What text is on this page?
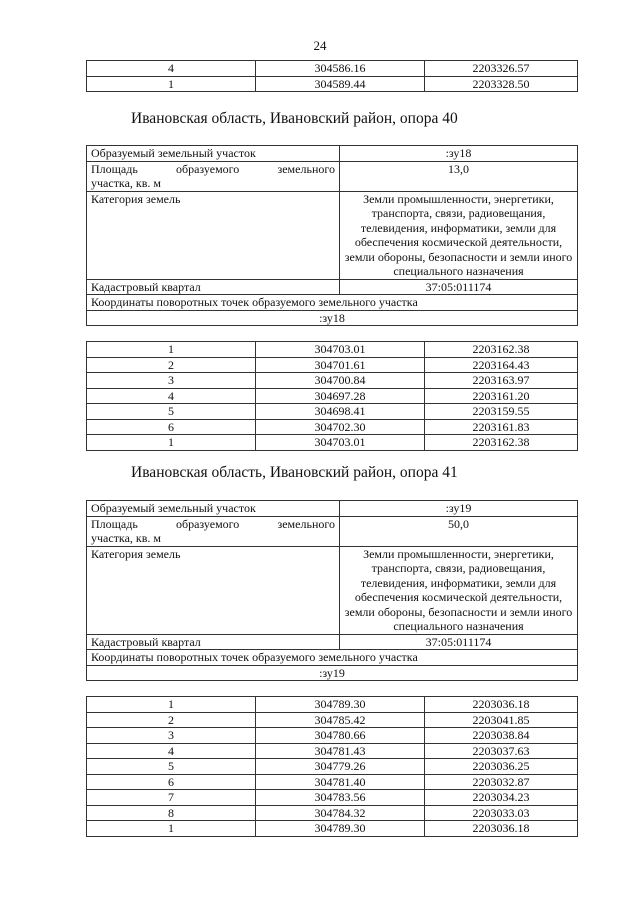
24
4	304586.16	2203326.57
1	304589.44	2203328.50
Ивановская область, Ивановский район, опора 40
Образуемый земельный участок	:зу18

Площадь образуемого земельного
участка, кв. м	13,0
Категория земель	Земли промышленности, энергетики, транспорта, связи, радиовещания, телевидения, информатики, земли для обеспечения космической деятельности, земли обороны, безопасности и земли иного специального назначения
Кадастровый квартал	37:05:011174
Координаты поворотных точек образуемого земельного участка	
:зу18	
1	304703.01	2203162.38
2	304701.61	2203164.43
3	304700.84	2203163.97
4	304697.28	2203161.20
5	304698.41	2203159.55
6	304702.30	2203161.83
1	304703.01	2203162.38
Ивановская область, Ивановский район, опора 41
Образуемый земельный участок	:зу19

Площадь образуемого земельного
участка, кв. м	50,0
Категория земель	Земли промышленности, энергетики, транспорта, связи, радиовещания, телевидения, информатики, земли для обеспечения космической деятельности, земли обороны, безопасности и земли иного специального назначения
Кадастровый квартал	37:05:011174
Координаты поворотных точек образуемого земельного участка	
:зу19	
1	304789.30	2203036.18
2	304785.42	2203041.85
3	304780.66	2203038.84
4	304781.43	2203037.63
5	304779.26	2203036.25
6	304781.40	2203032.87
7	304783.56	2203034.23
8	304784.32	2203033.03
1	304789.30	2203036.18
